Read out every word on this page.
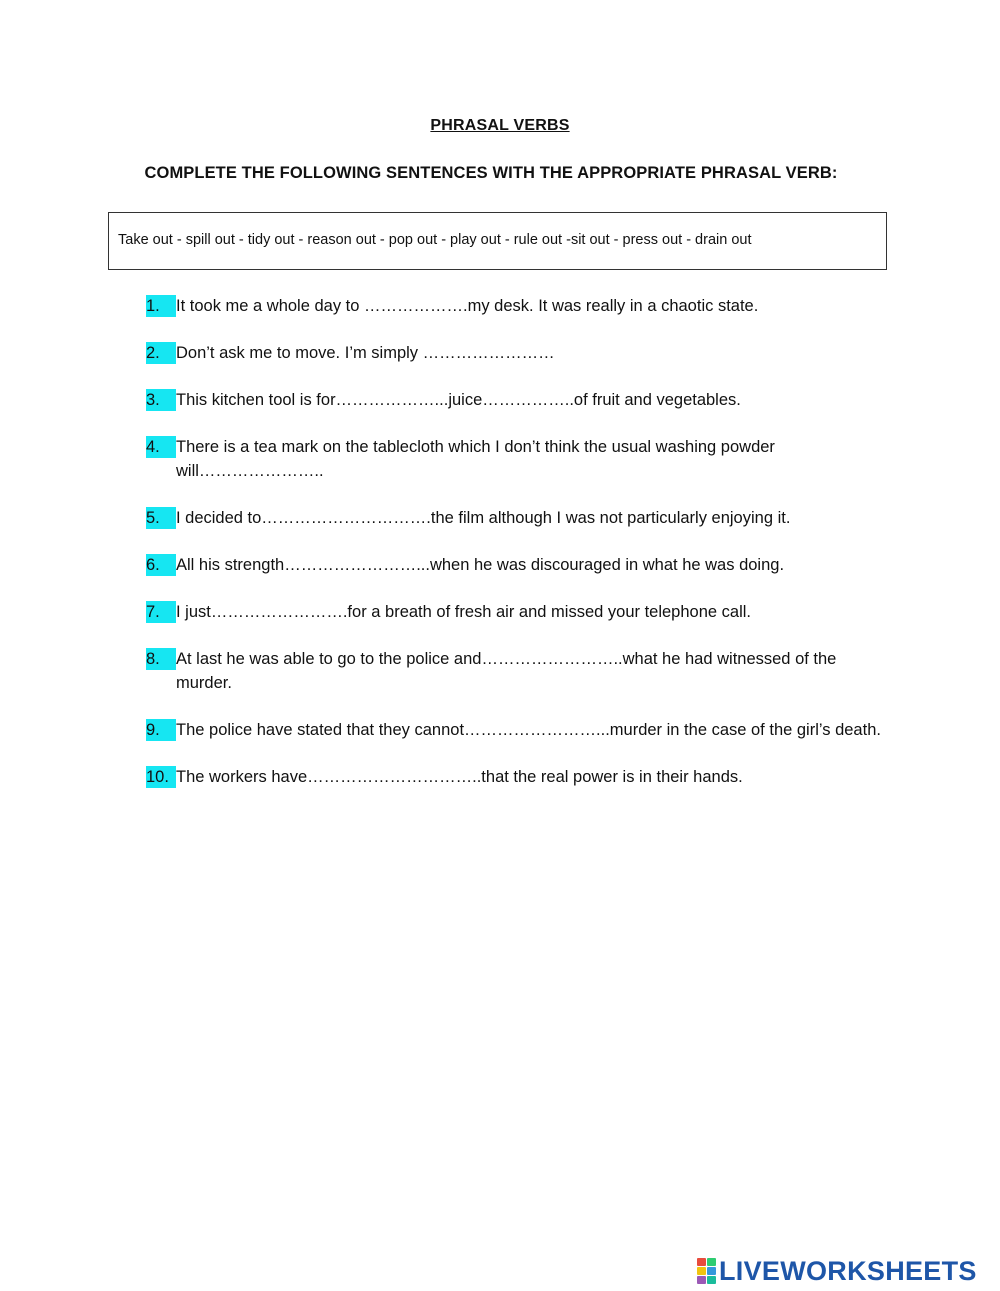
PHRASAL VERBS
COMPLETE THE FOLLOWING SENTENCES WITH THE APPROPRIATE PHRASAL VERB:
Take out - spill out - tidy out - reason out - pop out - play out - rule out -sit out - press out - drain out
1. It took me a whole day to ……………….my desk. It was really in a chaotic state.
2. Don’t ask me to move. I’m simply ……………………
3. This kitchen tool is for………………...juice……………..of fruit and vegetables.
4. There is a tea mark on the tablecloth which I don’t think the usual washing powder will…………………..
5. I decided to………………………….the film although I was not particularly enjoying it.
6. All his strength……………………...when he was discouraged in what he was doing.
7. I just…………………….for a breath of fresh air and missed your telephone call.
8. At last he was able to go to the police and……………………..what he had witnessed of the murder.
9. The police have stated that they cannot……………………...murder in the case of the girl’s death.
10. The workers have…………………………..that the real power is in their hands.
LIVEWORKSHEETS
